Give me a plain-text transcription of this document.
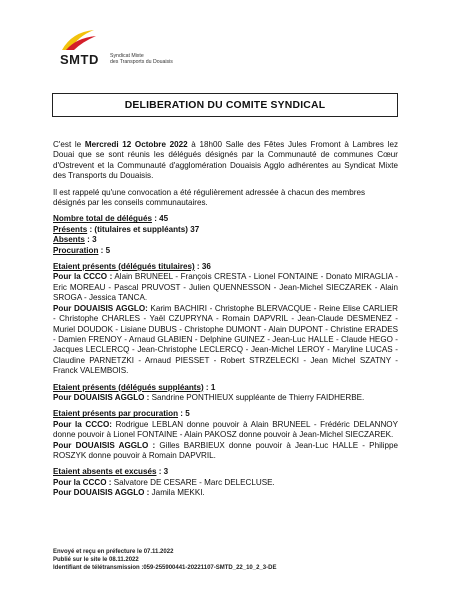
SMTD Syndicat Mixte
des Transports du Douaisis
DELIBERATION DU COMITE SYNDICAL

C'est le Mercredi 12 Octobre 2022 à 18h00 Salle des Fêtes Jules Fromont à Lambres lez Douai que se sont réunis les délégués désignés par la Communauté de communes Cœur d'Ostrevent et la Communauté d'agglomération Douaisis Agglo adhérentes au Syndicat Mixte des Transports du Douaisis.

Il est rappelé qu'une convocation a été régulièrement adressée à chacun des membres désignés par les conseils communautaires.

Nombre total de délégués : 45

Présents : (titulaires et suppléants) 37

Absents : 3

Procuration : 5

Etaient présents (délégués titulaires) : 36

Pour la CCCO : Alain BRUNEEL - François CRESTA - Lionel FONTAINE - Donato MIRAGLIA - Eric MOREAU - Pascal PRUVOST - Julien QUENNESSON - Jean-Michel SIECZAREK - Alain SROGA - Jessica TANCA.

Pour DOUAISIS AGGLO: Karim BACHIRI - Christophe BLERVACQUE - Reine Elise CARLIER - Christophe CHARLES - Yaël CZUPRYNA - Romain DAPVRIL - Jean-Claude DESMENEZ - Muriel DOUDOK - Lisiane DUBUS - Christophe DUMONT - Alain DUPONT - Christine ERADES - Damien FRENOY - Arnaud GLABIEN - Delphine GUINEZ - Jean-Luc HALLE - Claude HEGO - Jacques LECLERCQ - Jean-Christophe LECLERCQ - Jean-Michel LEROY - Maryline LUCAS - Claudine PARNETZKI - Arnaud PIESSET - Robert STRZELECKI - Jean Michel SZATNY - Franck VALEMBOIS.

Etaient présents (délégués suppléants) : 1

Pour DOUAISIS AGGLO : Sandrine PONTHIEUX suppléante de Thierry FAIDHERBE.

Etaient présents par procuration : 5

Pour la CCCO: Rodrigue LEBLAN donne pouvoir à Alain BRUNEEL - Frédéric DELANNOY donne pouvoir à Lionel FONTAINE - Alain PAKOSZ donne pouvoir à Jean-Michel SIECZAREK.

Pour DOUAISIS AGGLO : Gilles BARBIEUX donne pouvoir à Jean-Luc HALLE - Philippe ROSZYK donne pouvoir à Romain DAPVRIL.

Etaient absents et excusés : 3

Pour la CCCO : Salvatore DE CESARE - Marc DELECLUSE.

Pour DOUAISIS AGGLO : Jamila MEKKI.

Envoyé et reçu en préfecture le 07.11.2022
Publié sur le site le 08.11.2022
Identifiant de télétransmission :059-255900441-20221107-SMTD_22_10_2_3-DE
